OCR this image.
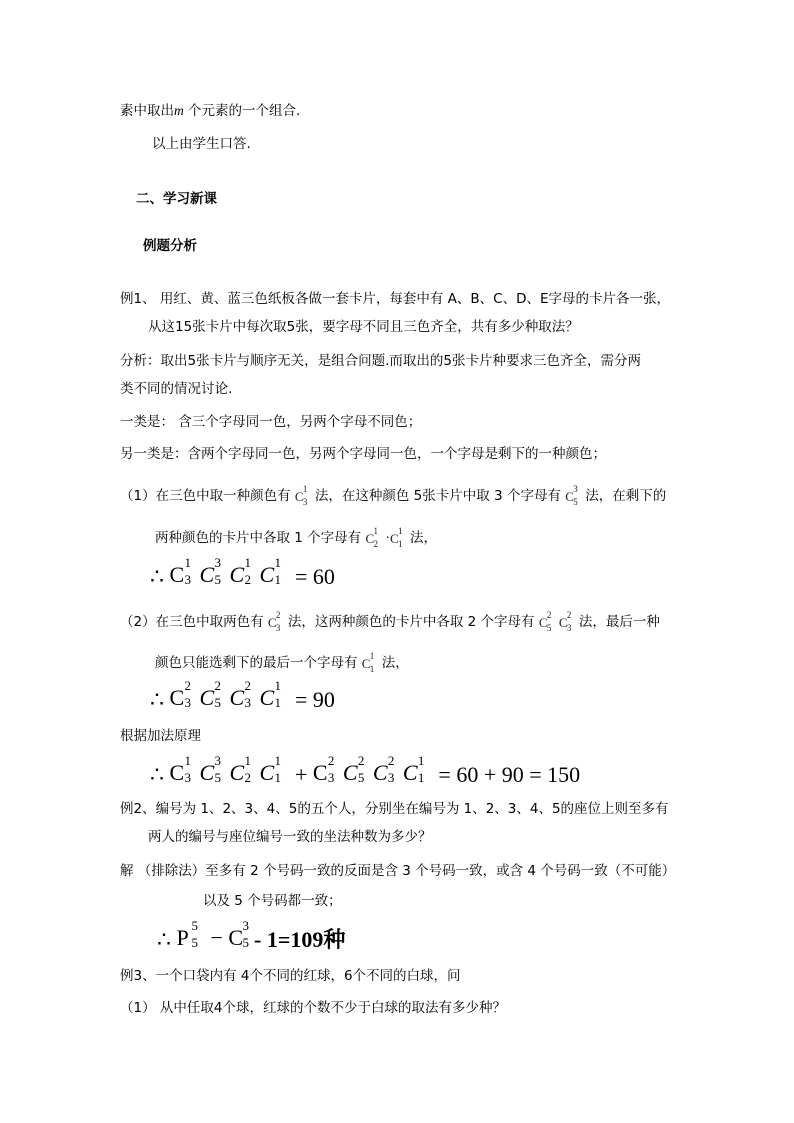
素中取出m 个元素的一个组合.
以上由学生口答.
二、学习新课
例题分析
例1、 用红、黄、蓝三色纸板各做一套卡片，每套中有 A、B、C、D、E字母的卡片各一张，
从这15张卡片中每次取5张，要字母不同且三色齐全，共有多少种取法？
分析：取出5张卡片与顺序无关，是组合问题.而取出的5张卡片种要求三色齐全，需分两
类不同的情况讨论.
一类是： 含三个字母同一色，另两个字母不同色；
另一类是：含两个字母同一色，另两个字母同一色，一个字母是剩下的一种颜色；
（1）在三色中取一种颜色有 C 1
3 法，在这种颜色 5张卡片中取 3 个字母有 C 3
5 法，在剩下的
两种颜色的卡片中各取 1 个字母有 C 1
2 · C 1
1 法，
∴ C 1
3 C 3
5 C 1
2 C 1
1 = 60
（2）在三色中取两色有 C 2
3 法，这两种颜色的卡片中各取 2 个字母有 C 2
5 C 2
3 法，最后一种
颜色只能选剩下的最后一个字母有 C 1
1 法，
∴ C 2
3 C 2
5 C 2
3 C 1
1 = 90
根据加法原理
∴ C 1
3 C 3
5 C 1
2 C 1
1 + C 2
3 C 2
5 C 2
3 C 1
1 = 60 + 90 = 150
例2、编号为 1、2、3、4、5的五个人，分别坐在编号为 1、2、3、4、5的座位上则至多有
两人的编号与座位编号一致的坐法种数为多少？
解 （排除法）至多有 2 个号码一致的反面是含 3 个号码一致，或含 4 个号码一致（不可能）
以及 5 个号码都一致；
∴ P 5
5 − C 3
5 - 1=109种
例3、一个口袋内有 4个不同的红球，6个不同的白球，问
（1） 从中任取4个球，红球的个数不少于白球的取法有多少种？
